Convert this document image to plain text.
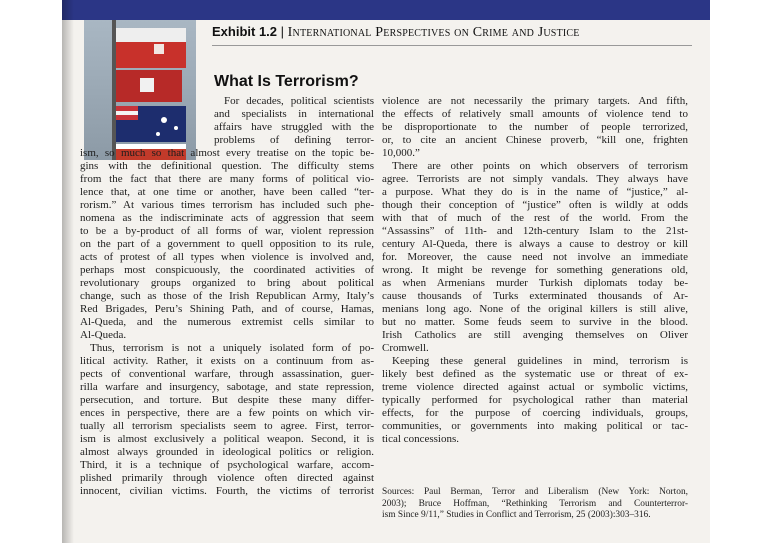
Exhibit 1.2 | International Perspectives on Crime and Justice
What Is Terrorism?
For decades, political scientists
and specialists in international
affairs have struggled with the
problems of defining terror-
ism, so much so that almost every treatise on the topic be-
gins with the definitional question. The difficulty stems
from the fact that there are many forms of political vio-
lence that, at one time or another, have been called “ter-
rorism.” At various times terrorism has included such phe-
nomena as the indiscriminate acts of aggression that seem
to be a by-product of all forms of war, violent repression
on the part of a government to quell opposition to its rule,
acts of protest of all types when violence is involved and,
perhaps most conspicuously, the coordinated activities of
revolutionary groups organized to bring about political
change, such as those of the Irish Republican Army, Italy’s
Red Brigades, Peru’s Shining Path, and of course, Hamas,
Al-Queda, and the numerous extremist cells similar to
Al-Queda.
Thus, terrorism is not a uniquely isolated form of po-
litical activity. Rather, it exists on a continuum from as-
pects of conventional warfare, through assassination, guer-
rilla warfare and insurgency, sabotage, and state repression,
persecution, and torture. But despite these many differ-
ences in perspective, there are a few points on which vir-
tually all terrorism specialists seem to agree. First, terror-
ism is almost exclusively a political weapon. Second, it is
almost always grounded in ideological politics or religion.
Third, it is a technique of psychological warfare, accom-
plished primarily through violence often directed against
innocent, civilian victims. Fourth, the victims of terrorist
violence are not necessarily the primary targets. And fifth,
the effects of relatively small amounts of violence tend to
be disproportionate to the number of people terrorized,
or, to cite an ancient Chinese proverb, “kill one, frighten
10,000.”
There are other points on which observers of terrorism
agree. Terrorists are not simply vandals. They always have
a purpose. What they do is in the name of “justice,” al-
though their conception of “justice” often is wildly at odds
with that of much of the rest of the world. From the
“Assassins” of 11th- and 12th-century Islam to the 21st-
century Al-Queda, there is always a cause to destroy or kill
for. Moreover, the cause need not involve an immediate
wrong. It might be revenge for something generations old,
as when Armenians murder Turkish diplomats today be-
cause thousands of Turks exterminated thousands of Ar-
menians long ago. None of the original killers is still alive,
but no matter. Some feuds seem to survive in the blood.
Irish Catholics are still avenging themselves on Oliver
Cromwell.
Keeping these general guidelines in mind, terrorism is
likely best defined as the systematic use or threat of ex-
treme violence directed against actual or symbolic victims,
typically performed for psychological rather than material
effects, for the purpose of coercing individuals, groups,
communities, or governments into making political or tac-
tical concessions.
Sources: Paul Berman, Terror and Liberalism (New York: Norton,
2003); Bruce Hoffman, “Rethinking Terrorism and Counterterror-
ism Since 9/11,” Studies in Conflict and Terrorism, 25 (2003):303–316.
